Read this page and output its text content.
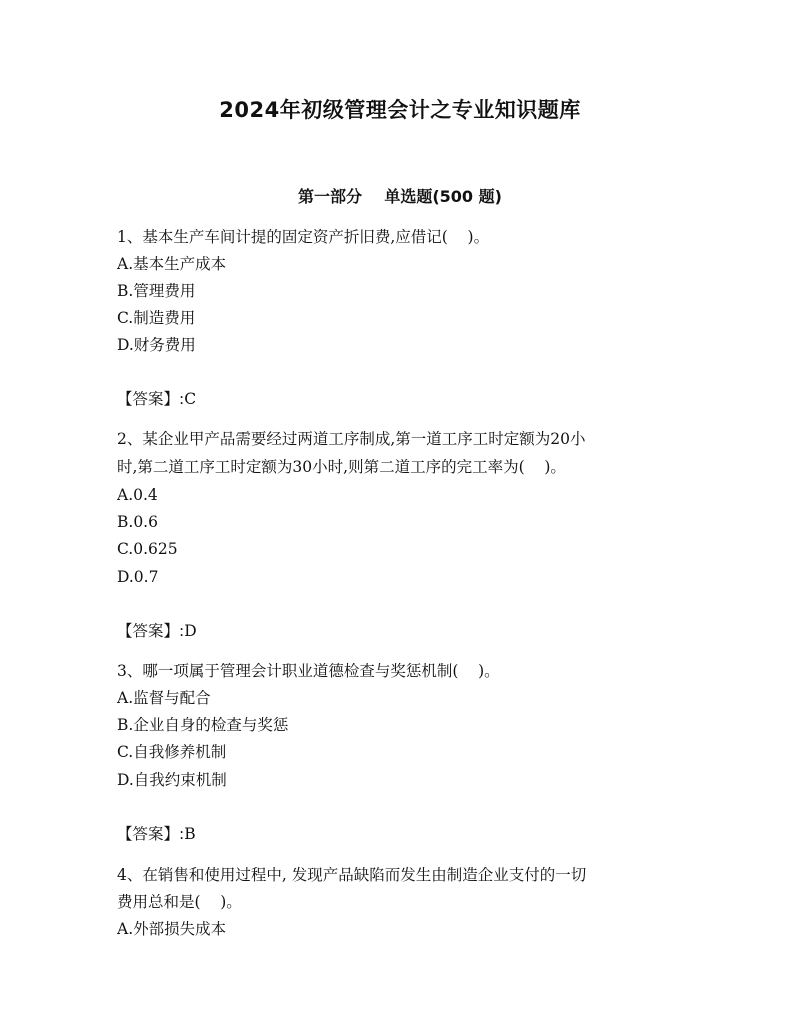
2024年初级管理会计之专业知识题库
第一部分    单选题(500 题)
1、基本生产车间计提的固定资产折旧费,应借记(    )。
A.基本生产成本
B.管理费用
C.制造费用
D.财务费用
【答案】:C
2、某企业甲产品需要经过两道工序制成,第一道工序工时定额为20小
时,第二道工序工时定额为30小时,则第二道工序的完工率为(    )。
A.0.4
B.0.6
C.0.625
D.0.7
【答案】:D
3、哪一项属于管理会计职业道德检查与奖惩机制(    )。
A.监督与配合
B.企业自身的检查与奖惩
C.自我修养机制
D.自我约束机制
【答案】:B
4、在销售和使用过程中, 发现产品缺陷而发生由制造企业支付的一切
费用总和是(    )。
A.外部损失成本
